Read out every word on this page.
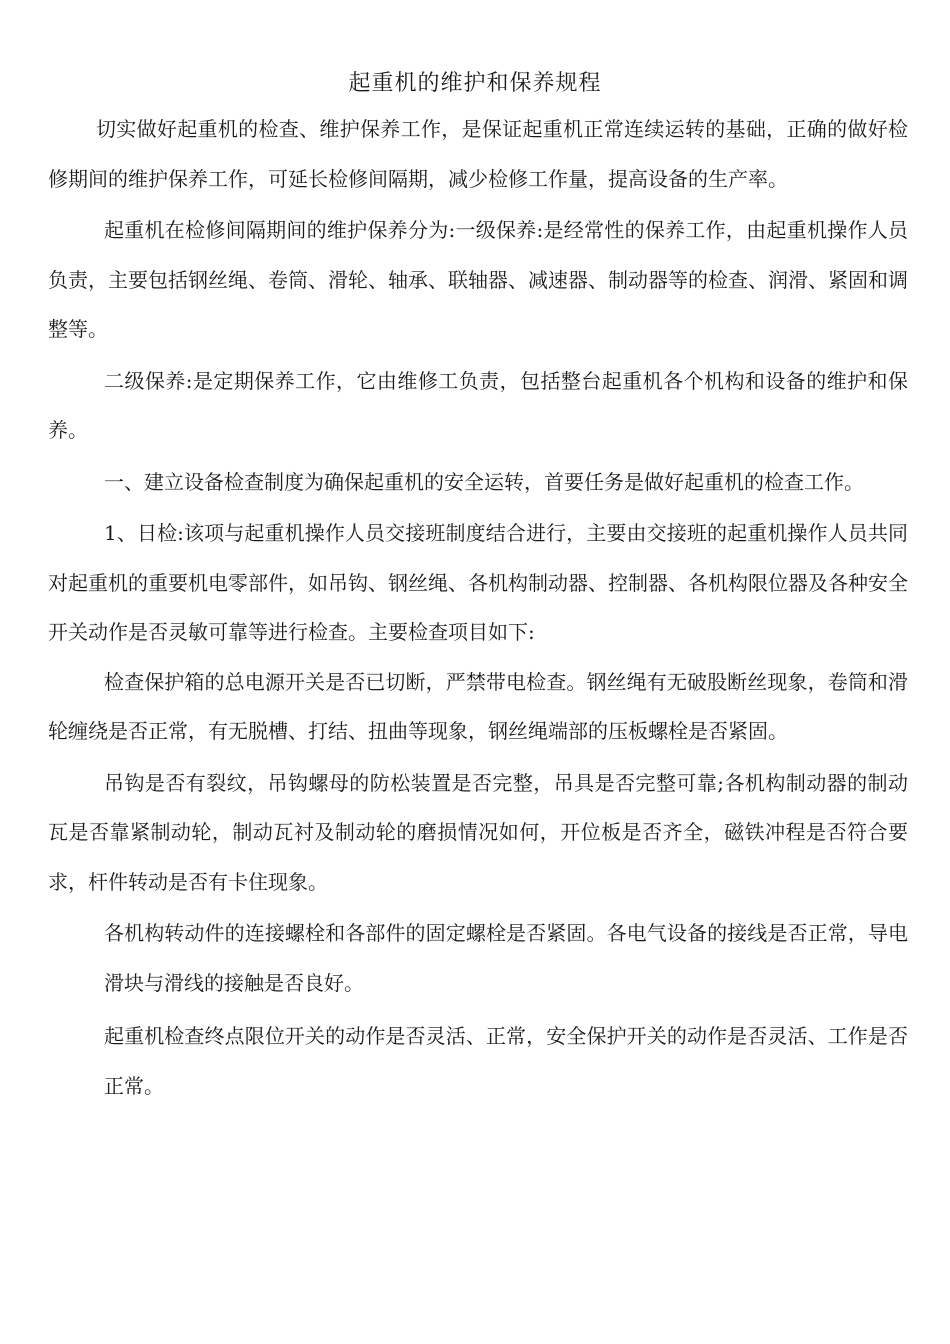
起重机的维护和保养规程

切实做好起重机的检查、维护保养工作，是保证起重机正常连续运转的基础，正确的做好检修期间的维护保养工作，可延长检修间隔期，减少检修工作量，提高设备的生产率。

起重机在检修间隔期间的维护保养分为:一级保养:是经常性的保养工作，由起重机操作人员负责，主要包括钢丝绳、卷筒、滑轮、轴承、联轴器、减速器、制动器等的检查、润滑、紧固和调整等。

二级保养:是定期保养工作，它由维修工负责，包括整台起重机各个机构和设备的维护和保养。

一、建立设备检查制度为确保起重机的安全运转，首要任务是做好起重机的检查工作。

1、日检:该项与起重机操作人员交接班制度结合进行，主要由交接班的起重机操作人员共同对起重机的重要机电零部件，如吊钩、钢丝绳、各机构制动器、控制器、各机构限位器及各种安全开关动作是否灵敏可靠等进行检查。主要检查项目如下:

检查保护箱的总电源开关是否已切断，严禁带电检查。钢丝绳有无破股断丝现象，卷筒和滑轮缠绕是否正常，有无脱槽、打结、扭曲等现象，钢丝绳端部的压板螺栓是否紧固。

吊钩是否有裂纹，吊钩螺母的防松装置是否完整，吊具是否完整可靠;各机构制动器的制动瓦是否靠紧制动轮，制动瓦衬及制动轮的磨损情况如何，开位板是否齐全，磁铁冲程是否符合要求，杆件转动是否有卡住现象。

各机构转动件的连接螺栓和各部件的固定螺栓是否紧固。各电气设备的接线是否正常，导电滑块与滑线的接触是否良好。

起重机检查终点限位开关的动作是否灵活、正常，安全保护开关的动作是否灵活、工作是否正常。
